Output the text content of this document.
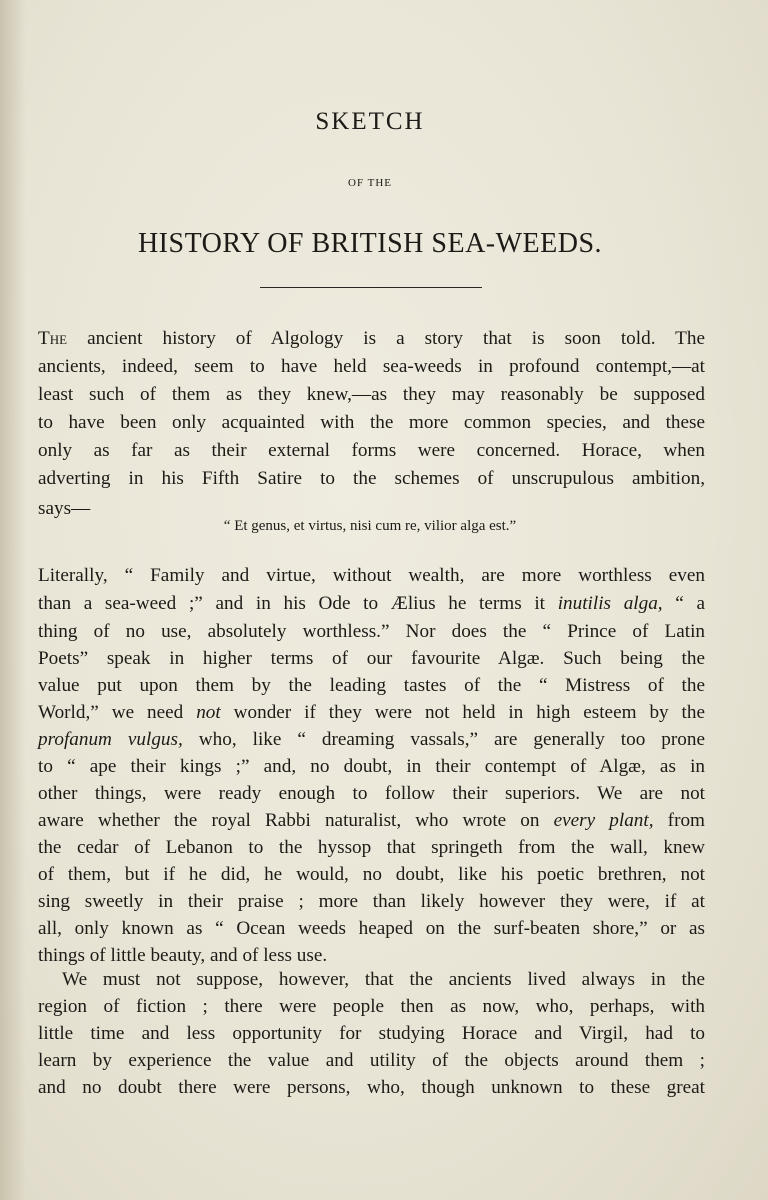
SKETCH
OF THE
HISTORY OF BRITISH SEA-WEEDS.
The ancient history of Algology is a story that is soon told. The
ancients, indeed, seem to have held sea-weeds in profound contempt,—at
least such of them as they knew,—as they may reasonably be supposed
to have been only acquainted with the more common species, and these
only as far as their external forms were concerned. Horace, when
adverting in his Fifth Satire to the schemes of unscrupulous ambition,
says—
“ Et genus, et virtus, nisi cum re, vilior alga est.”
Literally, “ Family and virtue, without wealth, are more worthless even
than a sea-weed ;” and in his Ode to Ælius he terms it inutilis alga, “ a
thing of no use, absolutely worthless.” Nor does the “ Prince of Latin
Poets” speak in higher terms of our favourite Algæ. Such being the
value put upon them by the leading tastes of the “ Mistress of the
World,” we need not wonder if they were not held in high esteem by the
profanum vulgus, who, like “ dreaming vassals,” are generally too prone
to “ ape their kings ;” and, no doubt, in their contempt of Algæ, as in
other things, were ready enough to follow their superiors. We are not
aware whether the royal Rabbi naturalist, who wrote on every plant, from
the cedar of Lebanon to the hyssop that springeth from the wall, knew
of them, but if he did, he would, no doubt, like his poetic brethren, not
sing sweetly in their praise ; more than likely however they were, if at
all, only known as “ Ocean weeds heaped on the surf-beaten shore,” or as
things of little beauty, and of less use.
We must not suppose, however, that the ancients lived always in the
region of fiction ; there were people then as now, who, perhaps, with
little time and less opportunity for studying Horace and Virgil, had to
learn by experience the value and utility of the objects around them ;
and no doubt there were persons, who, though unknown to these great
